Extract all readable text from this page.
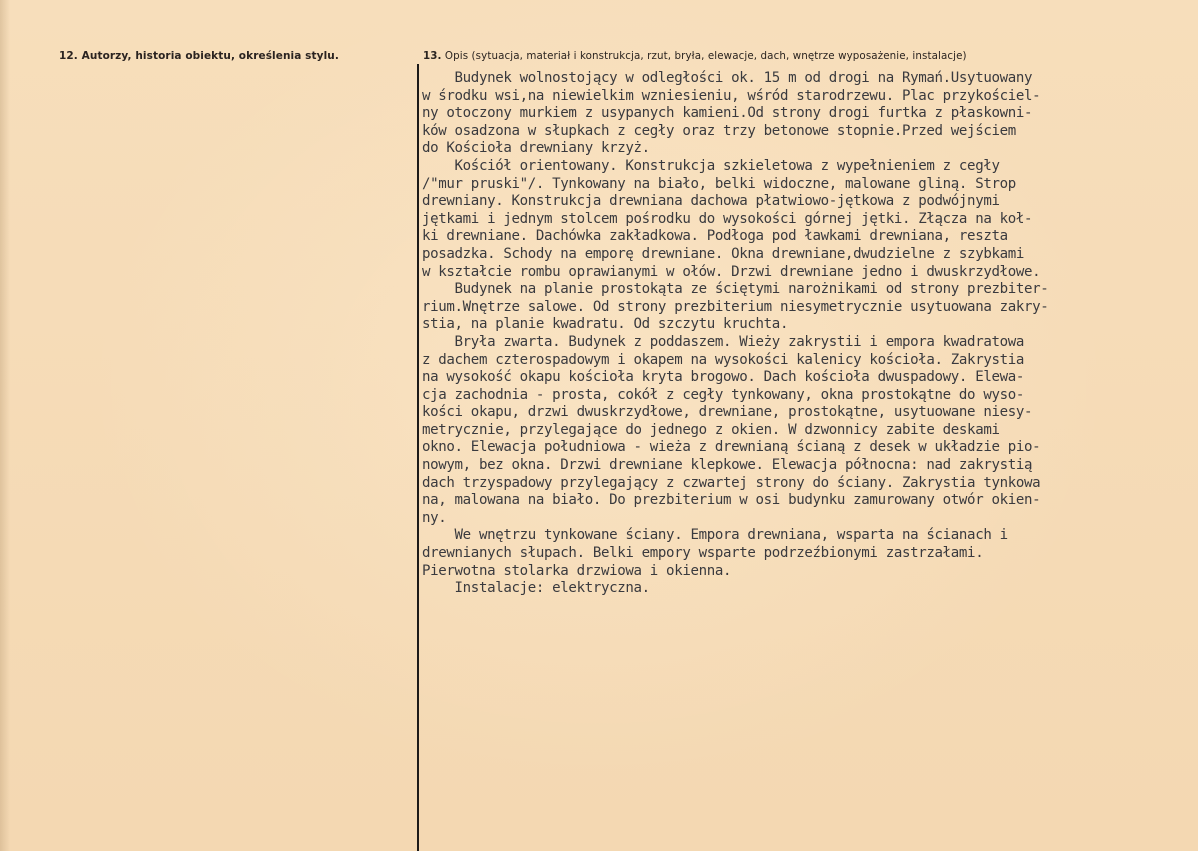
12. Autorzy, historia obiektu, określenia stylu.	13. Opis (sytuacja, materiał i konstrukcja, rzut, bryła, elewacje, dach, wnętrze wyposażenie, instalacje)
Budynek wolnostojący w odległości ok. 15 m od drogi na Rymań.Usytuowany
w środku wsi,na niewielkim wzniesieniu, wśród starodrzewu. Plac przykościel-
ny otoczony murkiem z usypanych kamieni.Od strony drogi furtka z płaskowni-
ków osadzona w słupkach z cegły oraz trzy betonowe stopnie.Przed wejściem
do Kościoła drewniany krzyż.
Kościół orientowany. Konstrukcja szkieletowa z wypełnieniem z cegły
/"mur pruski"/. Tynkowany na biało, belki widoczne, malowane gliną. Strop
drewniany. Konstrukcja drewniana dachowa płatwiowo-jętkowa z podwójnymi
jętkami i jednym stolcem pośrodku do wysokości górnej jętki. Złącza na koł-
ki drewniane. Dachówka zakładkowa. Podłoga pod ławkami drewniana, reszta
posadzka. Schody na emporę drewniane. Okna drewniane,dwudzielne z szybkami
w kształcie rombu oprawianymi w ołów. Drzwi drewniane jedno i dwuskrzydłowe.
Budynek na planie prostokąta ze ściętymi narożnikami od strony prezbiter-
rium.Wnętrze salowe. Od strony prezbiterium niesymetrycznie usytuowana zakry-
stia, na planie kwadratu. Od szczytu kruchta.
Bryła zwarta. Budynek z poddaszem. Wieży zakrystii i empora kwadratowa
z dachem czterospadowym i okapem na wysokości kalenicy kościoła. Zakrystia
na wysokość okapu kościoła kryta brogowo. Dach kościoła dwuspadowy. Elewa-
cja zachodnia - prosta, cokół z cegły tynkowany, okna prostokątne do wyso-
kości okapu, drzwi dwuskrzydłowe, drewniane, prostokątne, usytuowane niesy-
metrycznie, przylegające do jednego z okien. W dzwonnicy zabite deskami
okno. Elewacja południowa - wieża z drewnianą ścianą z desek w układzie pio-
nowym, bez okna. Drzwi drewniane klepkowe. Elewacja północna: nad zakrystią
dach trzyspadowy przylegający z czwartej strony do ściany. Zakrystia tynkowa
na, malowana na biało. Do prezbiterium w osi budynku zamurowany otwór okien-
ny.
We wnętrzu tynkowane ściany. Empora drewniana, wsparta na ścianach i
drewnianych słupach. Belki empory wsparte podrzeźbionymi zastrzałami.
Pierwotna stolarka drzwiowa i okienna.
Instalacje: elektryczna.
